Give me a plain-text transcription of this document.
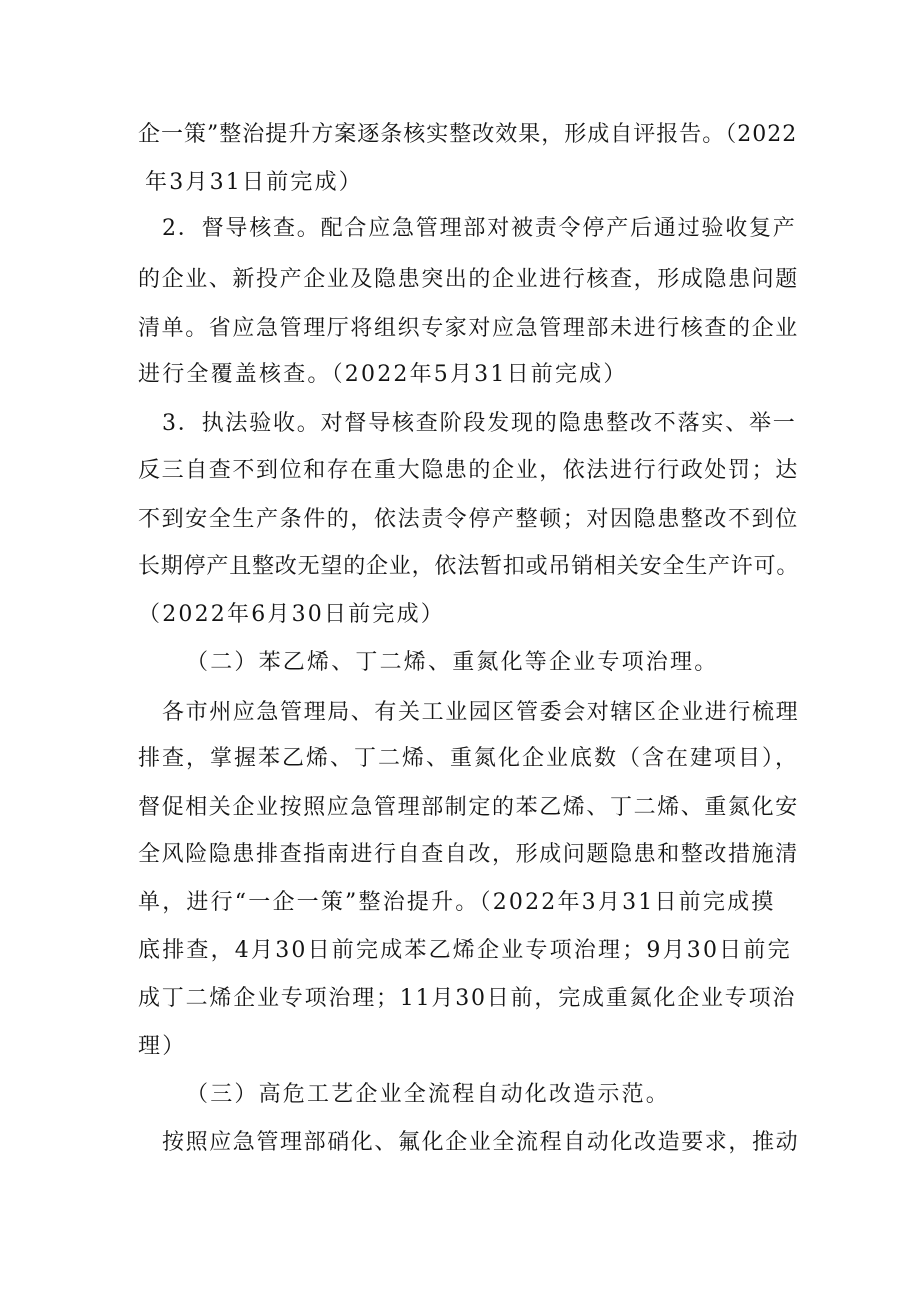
企一策”整治提升方案逐条核实整改效果，形成自评报告。（2022
年3月31日前完成）
2．督导核查。配合应急管理部对被责令停产后通过验收复产
的企业、新投产企业及隐患突出的企业进行核查，形成隐患问题
清单。省应急管理厅将组织专家对应急管理部未进行核查的企业
进行全覆盖核查。（2022年5月31日前完成）
3．执法验收。对督导核查阶段发现的隐患整改不落实、举一
反三自查不到位和存在重大隐患的企业，依法进行行政处罚；达
不到安全生产条件的，依法责令停产整顿；对因隐患整改不到位
长期停产且整改无望的企业，依法暂扣或吊销相关安全生产许可。
（2022年6月30日前完成）
（二）苯乙烯、丁二烯、重氮化等企业专项治理。
各市州应急管理局、有关工业园区管委会对辖区企业进行梳理
排查，掌握苯乙烯、丁二烯、重氮化企业底数（含在建项目），
督促相关企业按照应急管理部制定的苯乙烯、丁二烯、重氮化安
全风险隐患排查指南进行自查自改，形成问题隐患和整改措施清
单，进行“一企一策”整治提升。（2022年3月31日前完成摸
底排查，4月30日前完成苯乙烯企业专项治理；9月30日前完
成丁二烯企业专项治理；11月30日前，完成重氮化企业专项治
理）
（三）高危工艺企业全流程自动化改造示范。
按照应急管理部硝化、氟化企业全流程自动化改造要求，推动
